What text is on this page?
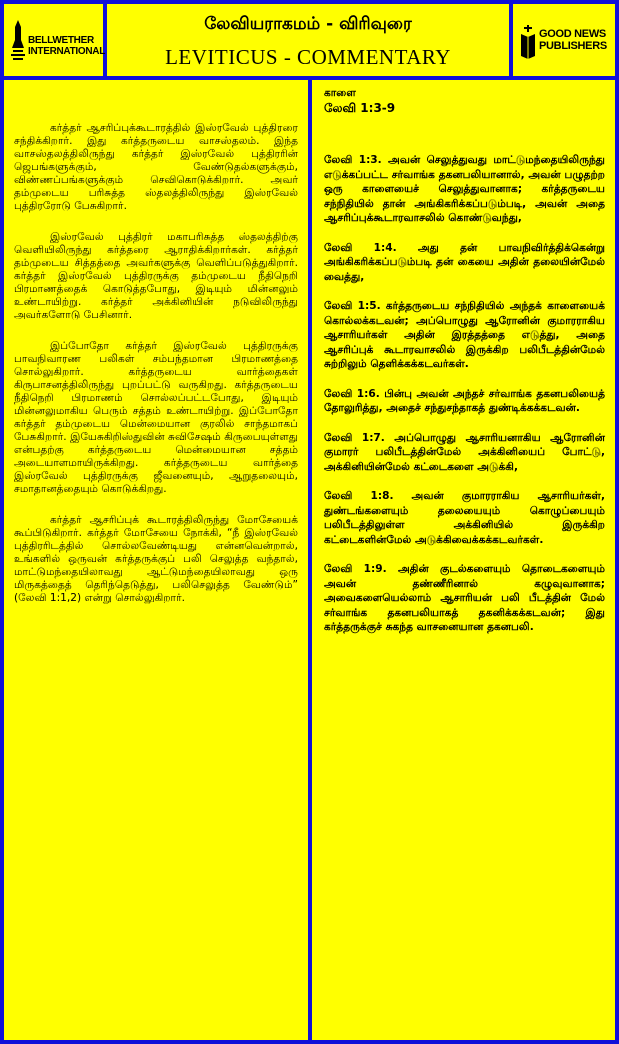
BELLWETHER
INTERNATIONAL
லேவியராகமம் - விரிவுரை
LEVITICUS - COMMENTARY
GOOD NEWS
PUBLISHERS

கர்த்தர் ஆசரிப்புக்கூடாரத்தில் இஸ்ரவேல் புத்திரரை சந்திக்கிறார். இது கர்த்தருடைய வாசஸ்தலம். இந்த வாசஸ்தலத்திலிருந்து கர்த்தர் இஸ்ரவேல் புத்திரரின் ஜெபங்களுக்கும், வேண்டுதல்களுக்கும், விண்ணப்பங்களுக்கும் செவிகொடுக்கிறார். அவர் தம்முடைய பரிசுத்த ஸ்தலத்திலிருந்து இஸ்ரவேல் புத்திரரோடு பேசுகிறார்.

இஸ்ரவேல் புத்திரர் மகாபரிசுத்த ஸ்தலத்திற்கு வெளியிலிருந்து கர்த்தரை ஆராதிக்கிறார்கள். கர்த்தர் தம்முடைய சித்தத்தை அவர்களுக்கு வெளிப்படுத்துகிறார். கர்த்தர் இஸ்ரவேல் புத்திரருக்கு தம்முடைய நீதிநெறி பிரமாணத்தைக் கொடுத்தபோது, இடியும் மின்னலும் உண்டாயிற்று. கர்த்தர் அக்கினியின் நடுவிலிருந்து அவர்களோடு பேசினார்.

இப்போதோ கர்த்தர் இஸ்ரவேல் புத்திரருக்கு பாவநிவாரண பலிகள் சம்பந்தமான பிரமாணத்தை சொல்லுகிறார். கர்த்தருடைய வார்த்தைகள் கிருபாசனத்திலிருந்து புறப்பட்டு வருகிறது. கர்த்தருடைய நீதிநெறி பிரமாணம் சொல்லப்பட்டபோது, இடியும் மின்னலுமாகிய பெரும் சத்தம் உண்டாயிற்று. இப்போதோ கர்த்தர் தம்முடைய மென்மையான குரலில் சாந்தமாகப் பேசுகிறார். இயேசுகிறிஸ்துவின் சுவிசேஷம் கிருபையுள்ளது என்பதற்கு கர்த்தருடைய மென்மையான சத்தம் அடையாளமாயிருக்கிறது. கர்த்தருடைய வார்த்தை இஸ்ரவேல் புத்திரருக்கு ஜீவனையும், ஆறுதலையும், சமாதானத்தையும் கொடுக்கிறது.

கர்த்தர் ஆசரிப்புக் கூடாரத்திலிருந்து மோசேயைக் கூப்பிடுகிறார். கர்த்தர் மோசேயை நோக்கி, “நீ இஸ்ரவேல் புத்திரரிடத்தில் சொல்லவேண்டியது என்னவென்றால், உங்களில் ஒருவன் கர்த்தருக்குப் பலி செலுத்த வந்தால், மாட்டுமந்தையிலாவது ஆட்டுமந்தையிலாவது ஒரு மிருகத்தைத் தெரிந்தெடுத்து, பலிசெலுத்த வேண்டும்” (லேவி 1:1,2) என்று சொல்லுகிறார்.

காளை

லேவி 1:3-9

லேவி 1:3. அவன் செலுத்துவது மாட்டுமந்தையிலிருந்து எடுக்கப்பட்ட சர்வாங்க தகனபலியானால், அவன் பழுதற்ற ஒரு காளையைச் செலுத்துவானாக; கர்த்தருடைய சந்நிதியில் தான் அங்கிகரிக்கப்படும்படி, அவன் அதை ஆசரிப்புக்கூடாரவாசலில் கொண்டுவந்து,

லேவி 1:4. அது தன் பாவநிவிர்த்திக்கென்று அங்கிகரிக்கப்படும்படி தன் கையை அதின் தலையின்மேல் வைத்து,

லேவி 1:5. கர்த்தருடைய சந்நிதியில் அந்தக் காளையைக் கொல்லக்கடவன்; அப்பொழுது ஆரோனின் குமாரராகிய ஆசாரியர்கள் அதின் இரத்தத்தை எடுத்து, அதை ஆசரிப்புக் கூடாரவாசலில் இருக்கிற பலிபீடத்தின்மேல் சுற்றிலும் தெளிக்கக்கடவர்கள்.

லேவி 1:6. பின்பு அவன் அந்தச் சர்வாங்க தகனபலியைத் தோலுரித்து, அதைச் சந்துசந்தாகத் துண்டிக்கக்கடவன்.

லேவி 1:7. அப்பொழுது ஆசாரியனாகிய ஆரோனின் குமாரர் பலிபீடத்தின்மேல் அக்கினியைப் போட்டு, அக்கினியின்மேல் கட்டைகளை அடுக்கி,

லேவி 1:8. அவன் குமாரராகிய ஆசாரியர்கள், துண்டங்களையும் தலையையும் கொழுப்பையும் பலிபீடத்திலுள்ள அக்கினியில் இருக்கிற கட்டைகளின்மேல் அடுக்கிவைக்கக்கடவர்கள்.

லேவி 1:9. அதின் குடல்களையும் தொடைகளையும் அவன் தண்ணீரினால் கழுவுவானாக; அவைகளையெல்லாம் ஆசாரியன் பலி பீடத்தின் மேல் சர்வாங்க தகனபலியாகத் தகனிக்கக்கடவன்; இது கர்த்தருக்குச் சுகந்த வாசனையான தகனபலி.
